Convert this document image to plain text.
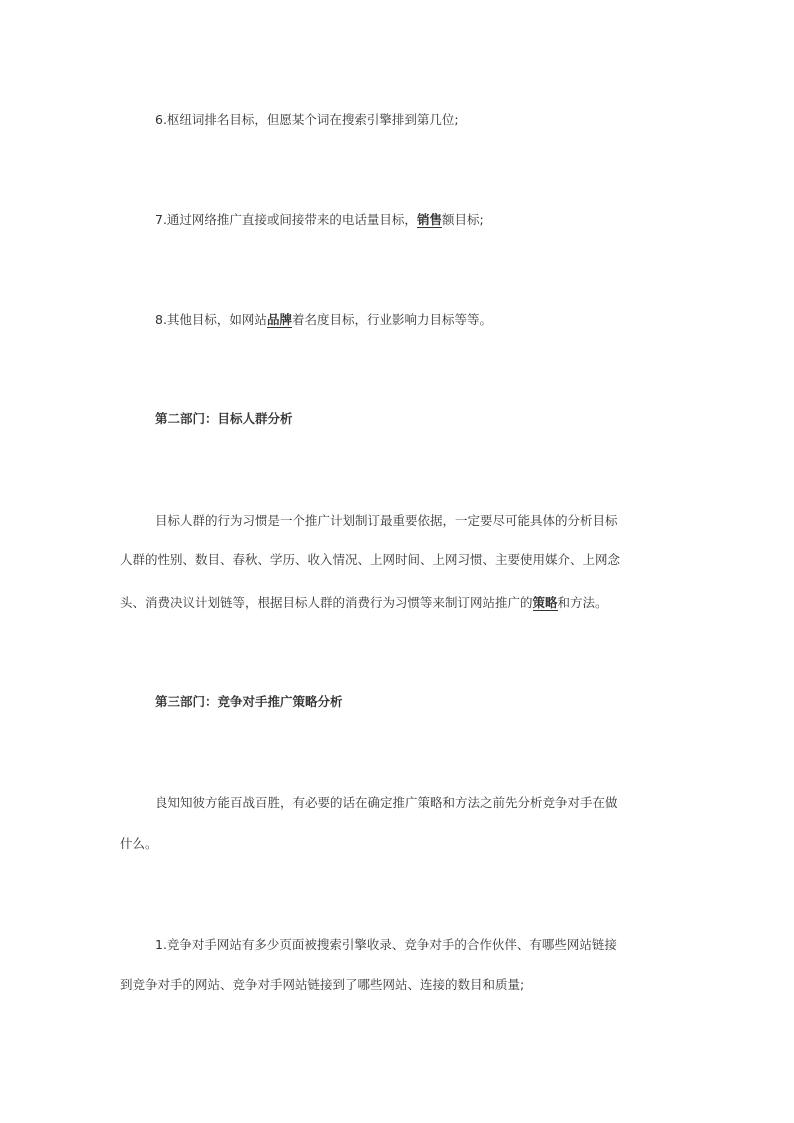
6.枢纽词排名目标，但愿某个词在搜索引擎排到第几位;

7.通过网络推广直接或间接带来的电话量目标，销售额目标;

8.其他目标，如网站品牌着名度目标，行业影响力目标等等。

第二部门：目标人群分析

目标人群的行为习惯是一个推广计划制订最重要依据，一定要尽可能具体的分析目标

人群的性别、数目、春秋、学历、收入情况、上网时间、上网习惯、主要使用媒介、上网念

头、消费决议计划链等，根据目标人群的消费行为习惯等来制订网站推广的策略和方法。

第三部门：竞争对手推广策略分析

良知知彼方能百战百胜，有必要的话在确定推广策略和方法之前先分析竞争对手在做

什么。

1.竞争对手网站有多少页面被搜索引擎收录、竞争对手的合作伙伴、有哪些网站链接

到竞争对手的网站、竞争对手网站链接到了哪些网站、连接的数目和质量;
